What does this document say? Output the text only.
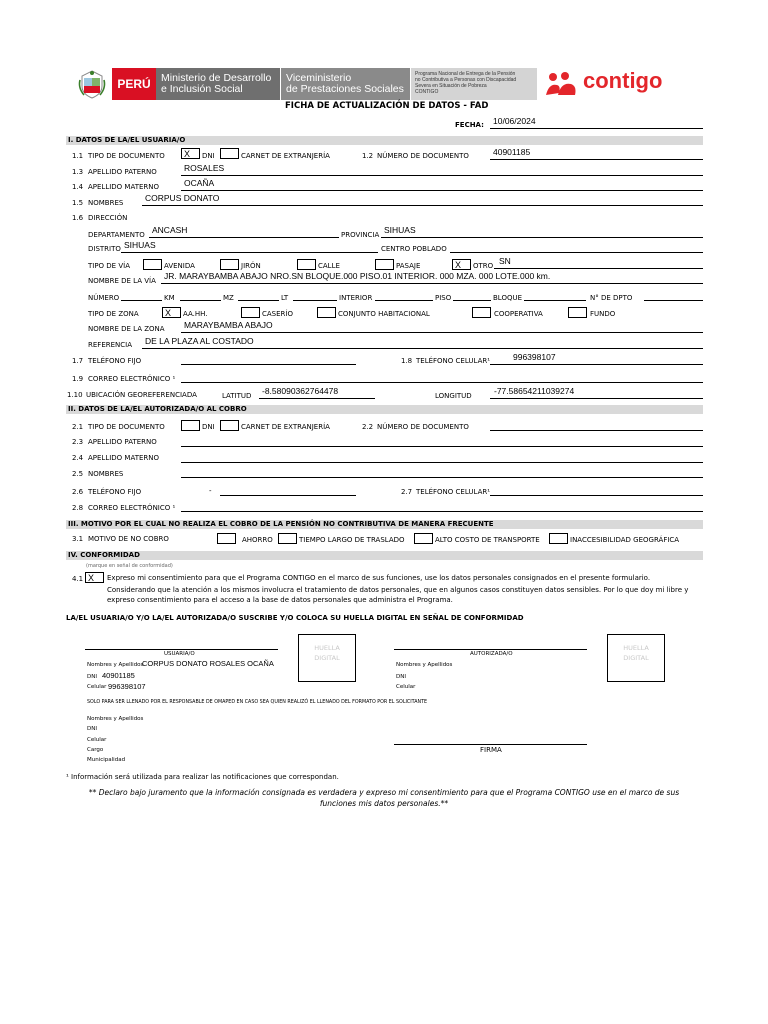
PERÚ Ministerio de Desarrollo
e Inclusión Social
Viceministerio
de Prestaciones Sociales
Programa Nacional de Entrega de la Pensión
no Contributiva a Personas con Discapacidad
Severa en Situación de Pobreza
CONTIGO	contigo
FICHA DE ACTUALIZACIÓN DE DATOS - FAD
FECHA: 10/06/2024
I. DATOS DE LA/EL USUARIA/O
1.1 TIPO DE DOCUMENTO	X	DNI	CARNET DE EXTRANJERÍA	1.2 NÚMERO DE DOCUMENTO	40901185
1.3 APELLIDO PATERNO	ROSALES
1.4 APELLIDO MATERNO	OCAÑA
1.5 NOMBRES	CORPUS DONATO
1.6 DIRECCIÓN
DEPARTAMENTO ANCASH	PROVINCIA SIHUAS
DISTRITO SIHUAS	CENTRO POBLADO
TIPO DE VÍA	AVENIDA	JIRÓN	CALLE	PASAJE	X	OTRO SN
NOMBRE DE LA VÍA JR. MARAYBAMBA ABAJO NRO.SN BLOQUE.000 PISO.01 INTERIOR. 000 MZA. 000 LOTE.000 km.
NÚMERO	KM	MZ	LT	INTERIOR	PISO	BLOQUE	N° DE DPTO
TIPO DE ZONA	X	AA.HH.	CASERÍO	CONJUNTO HABITACIONAL	COOPERATIVA	FUNDO
NOMBRE DE LA ZONA MARAYBAMBA ABAJO
REFERENCIA DE LA PLAZA AL COSTADO
1.7 TELÉFONO FIJO	1.8 TELÉFONO CELULAR¹	996398107
1.9 CORREO ELECTRÓNICO ¹
1.10 UBICACIÓN GEOREFERENCIADA	LATITUD -8.58090362764478	LONGITUD	-77.58654211039274
II. DATOS DE LA/EL AUTORIZADA/O AL COBRO
2.1 TIPO DE DOCUMENTO	DNI	CARNET DE EXTRANJERÍA	2.2 NÚMERO DE DOCUMENTO
2.3 APELLIDO PATERNO
2.4 APELLIDO MATERNO
2.5 NOMBRES
2.6 TELÉFONO FIJO	-	2.7 TELÉFONO CELULAR¹
2.8 CORREO ELECTRÓNICO ¹
III. MOTIVO POR EL CUAL NO REALIZA EL COBRO DE LA PENSIÓN NO CONTRIBUTIVA DE MANERA FRECUENTE
3.1 MOTIVO DE NO COBRO	AHORRO	TIEMPO LARGO DE TRASLADO	ALTO COSTO DE TRANSPORTE	INACCESIBILIDAD GEOGRÁFICA
IV. CONFORMIDAD
(marque en señal de conformidad)
4.1 X	Expreso mi consentimiento para que el Programa CONTIGO en el marco de sus funciones, use los datos personales consignados en el presente formulario.
Considerando que la atención a los mismos involucra el tratamiento de datos personales, que en algunos casos constituyen datos sensibles. Por lo que doy mi libre y
expreso consentimiento para el acceso a la base de datos personales que administra el Programa.
LA/EL USUARIA/O Y/O LA/EL AUTORIZADA/O SUSCRIBE Y/O COLOCA SU HUELLA DIGITAL EN SEÑAL DE CONFORMIDAD
HUELLA
DIGITAL
USUARIA/O
Nombres y Apellidos
CORPUS DONATO ROSALES OCAÑA
DNI 40901185
Celular 996398107
HUELLA
DIGITAL
AUTORIZADA/O
Nombres y Apellidos
DNI
Celular
SOLO PARA SER LLENADO POR EL RESPONSABLE DE OMAPED EN CASO SEA QUIEN REALIZÓ EL LLENADO DEL FORMATO POR EL SOLICITANTE
Nombres y Apellidos
DNI
Celular
Cargo
Municipalidad
FIRMA
¹ Información será utilizada para realizar las notificaciones que correspondan.
** Declaro bajo juramento que la información consignada es verdadera y expreso mi consentimiento para que el Programa CONTIGO use en el marco de sus
funciones mis datos personales.**
